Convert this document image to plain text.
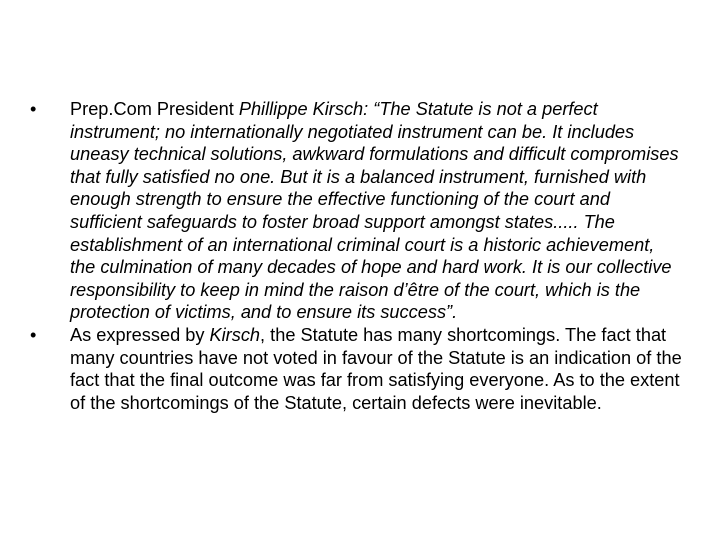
• Prep.Com President Phillippe Kirsch: “The Statute is not a perfect instrument; no internationally negotiated instrument can be. It includes uneasy technical solutions, awkward formulations and difficult compromises that fully satisfied no one. But it is a balanced instrument, furnished with enough strength to ensure the effective functioning of the court and sufficient safeguards to foster broad support amongst states..... The establishment of an international criminal court is a historic achievement, the culmination of many decades of hope and hard work. It is our collective responsibility to keep in mind the raison d’être of the court, which is the protection of victims, and to ensure its success”.
• As expressed by Kirsch, the Statute has many shortcomings. The fact that many countries have not voted in favour of the Statute is an indication of the fact that the final outcome was far from satisfying everyone. As to the extent of the shortcomings of the Statute, certain defects were inevitable.
